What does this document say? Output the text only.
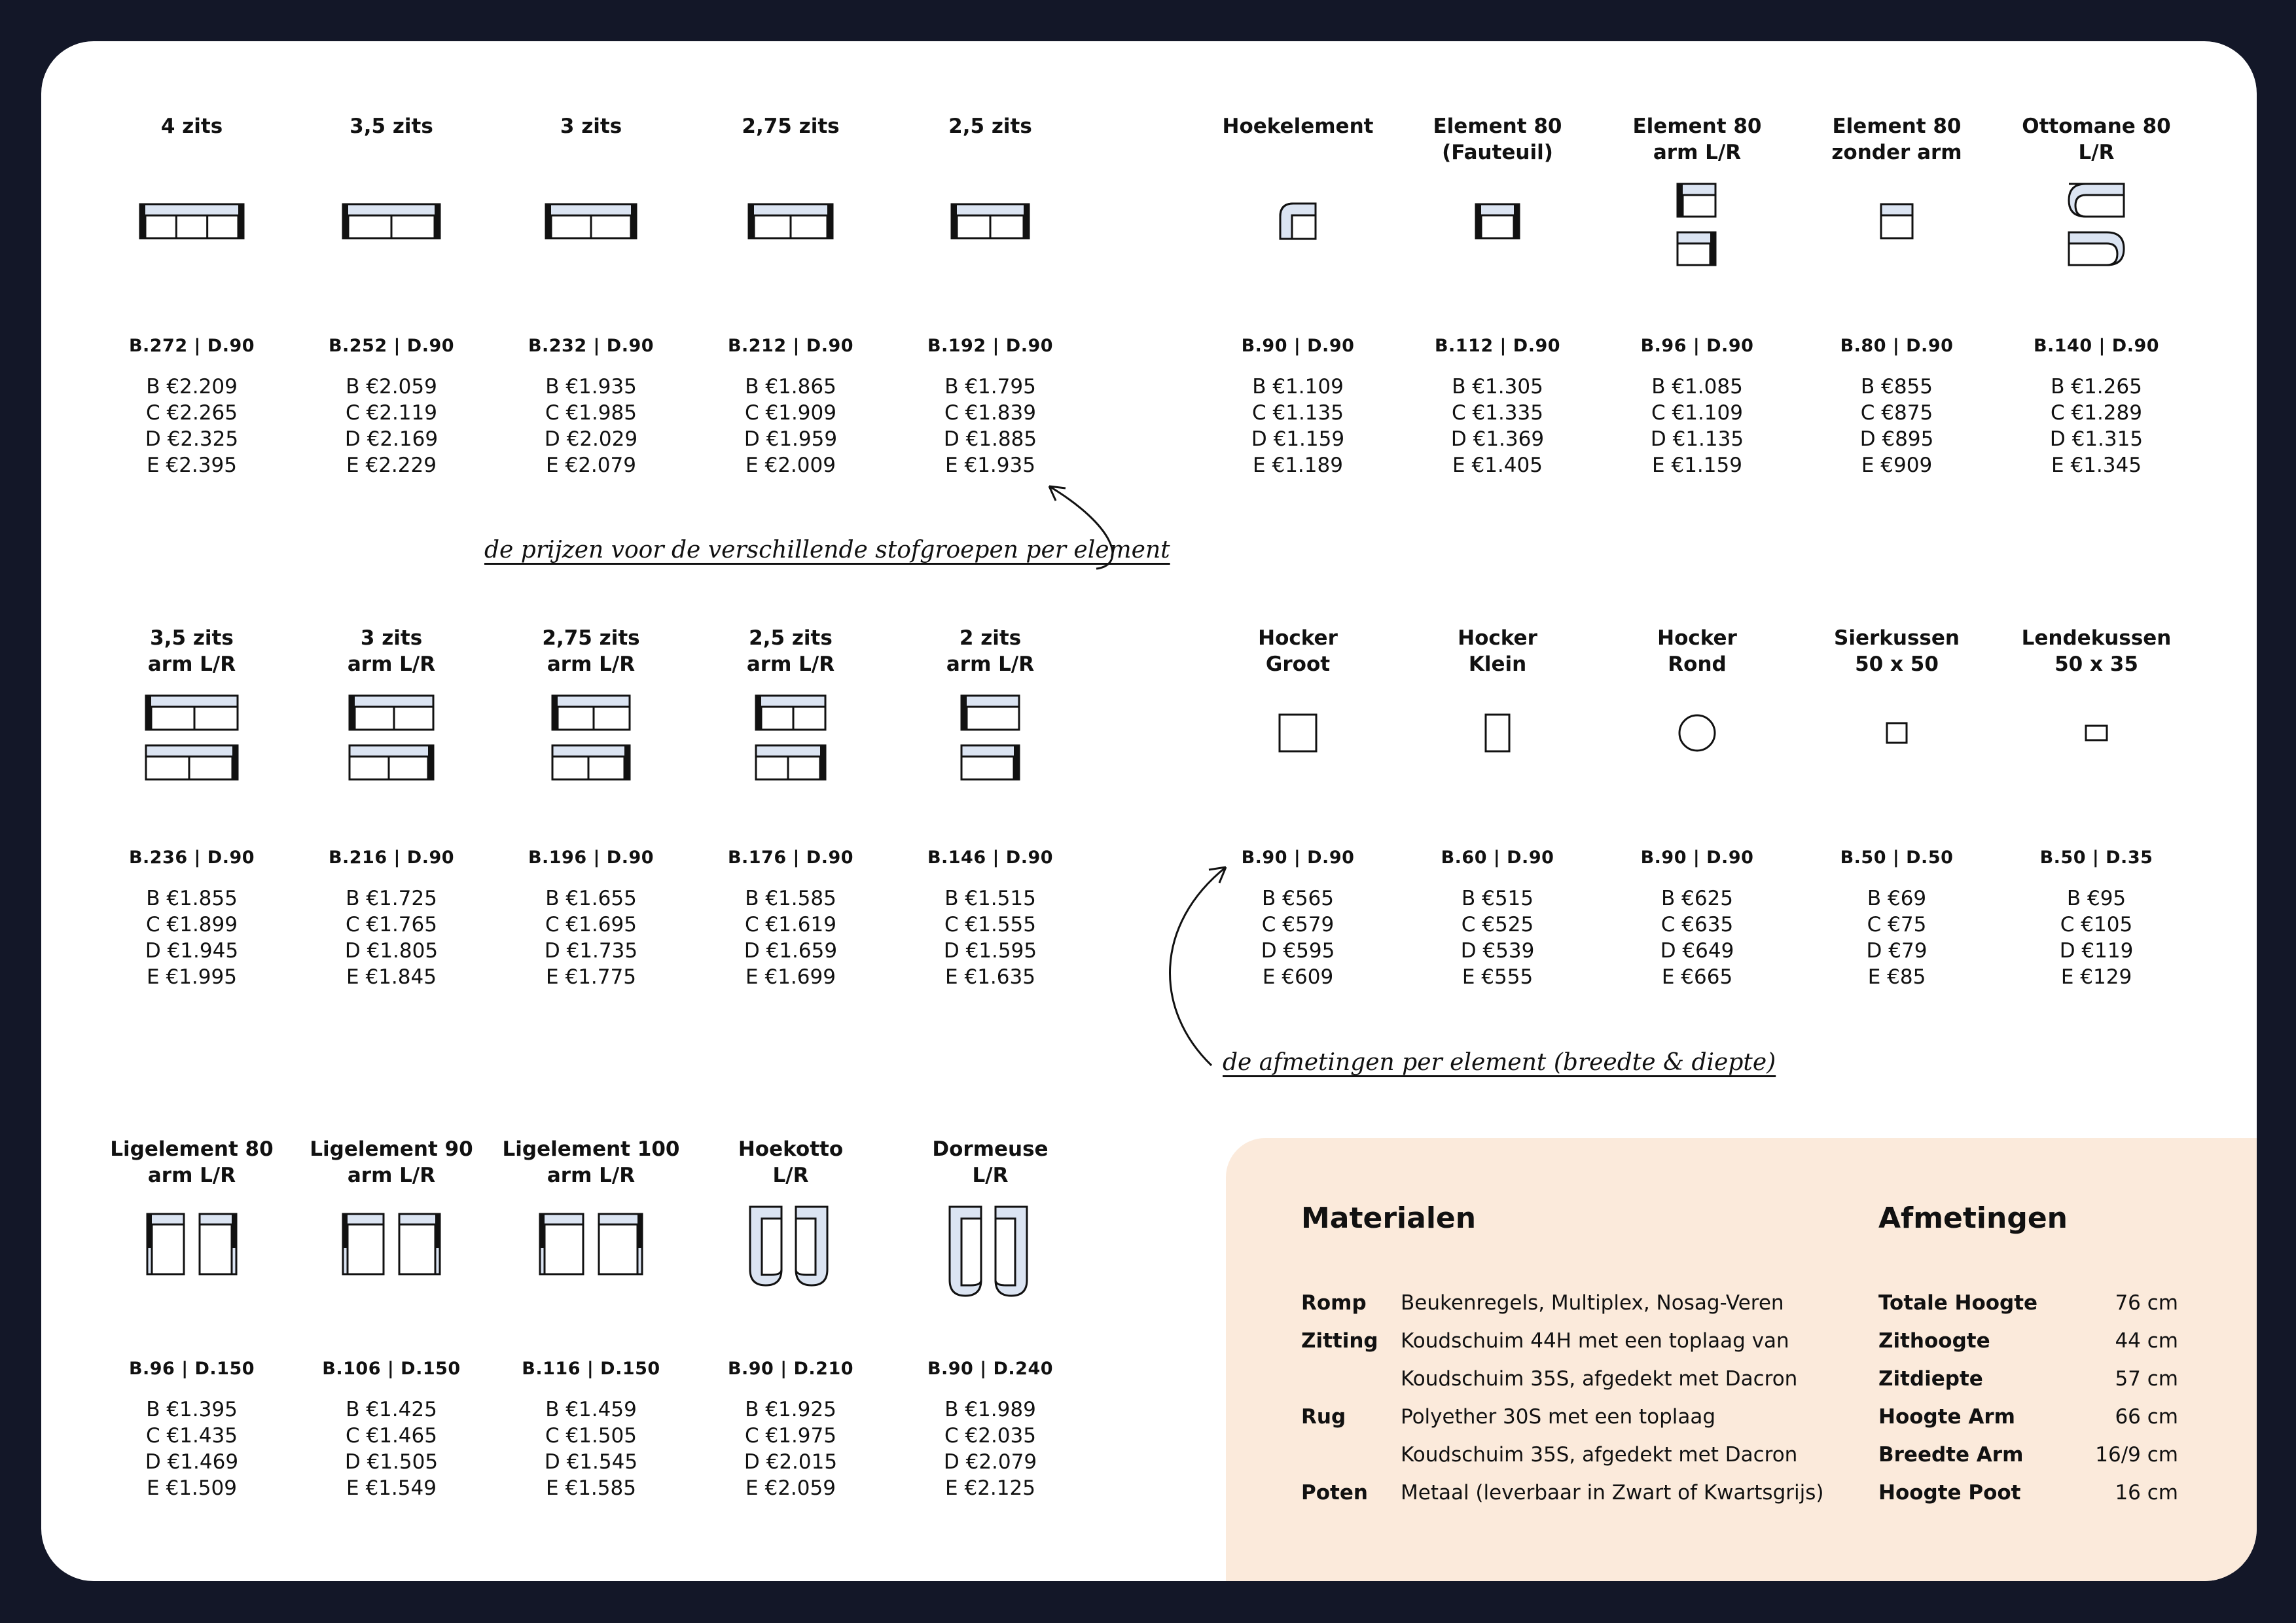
4 zits
B.272 | D.90
B €2.209
C €2.265
D €2.325
E €2.395
3,5 zits
B.252 | D.90
B €2.059
C €2.119
D €2.169
E €2.229
3 zits
B.232 | D.90
B €1.935
C €1.985
D €2.029
E €2.079
2,75 zits
B.212 | D.90
B €1.865
C €1.909
D €1.959
E €2.009
2,5 zits
B.192 | D.90
B €1.795
C €1.839
D €1.885
E €1.935
Hoekelement
B.90 | D.90
B €1.109
C €1.135
D €1.159
E €1.189
Element 80
(Fauteuil)
B.112 | D.90
B €1.305
C €1.335
D €1.369
E €1.405
Element 80
arm L/R
B.96 | D.90
B €1.085
C €1.109
D €1.135
E €1.159
Element 80
zonder arm
B.80 | D.90
B €855
C €875
D €895
E €909
Ottomane 80
L/R
B.140 | D.90
B €1.265
C €1.289
D €1.315
E €1.345
3,5 zits
arm L/R
B.236 | D.90
B €1.855
C €1.899
D €1.945
E €1.995
3 zits
arm L/R
B.216 | D.90
B €1.725
C €1.765
D €1.805
E €1.845
2,75 zits
arm L/R
B.196 | D.90
B €1.655
C €1.695
D €1.735
E €1.775
2,5 zits
arm L/R
B.176 | D.90
B €1.585
C €1.619
D €1.659
E €1.699
2 zits
arm L/R
B.146 | D.90
B €1.515
C €1.555
D €1.595
E €1.635
Hocker
Groot
B.90 | D.90
B €565
C €579
D €595
E €609
Hocker
Klein
B.60 | D.90
B €515
C €525
D €539
E €555
Hocker
Rond
B.90 | D.90
B €625
C €635
D €649
E €665
Sierkussen
50 x 50
B.50 | D.50
B €69
C €75
D €79
E €85
Lendekussen
50 x 35
B.50 | D.35
B €95
C €105
D €119
E €129
Ligelement 80
arm L/R
B.96 | D.150
B €1.395
C €1.435
D €1.469
E €1.509
Ligelement 90
arm L/R
B.106 | D.150
B €1.425
C €1.465
D €1.505
E €1.549
Ligelement 100
arm L/R
B.116 | D.150
B €1.459
C €1.505
D €1.545
E €1.585
Hoekotto
L/R
B.90 | D.210
B €1.925
C €1.975
D €2.015
E €2.059
Dormeuse
L/R
B.90 | D.240
B €1.989
C €2.035
D €2.079
E €2.125
de prijzen voor de verschillende stofgroepen per element
de afmetingen per element (breedte & diepte)
Materialen
Romp Beukenregels, Multiplex, Nosag-Veren
Zitting Koudschuim 44H met een toplaag van
Koudschuim 35S, afgedekt met Dacron
Rug	Polyether 30S met een toplaag
Koudschuim 35S, afgedekt met Dacron
Poten Metaal (leverbaar in Zwart of Kwartsgrijs)
Afmetingen
Totale Hoogte	76 cm
Zithoogte	44 cm
Zitdiepte	57 cm
Hoogte Arm	66 cm
Breedte Arm	16/9 cm
Hoogte Poot	16 cm
